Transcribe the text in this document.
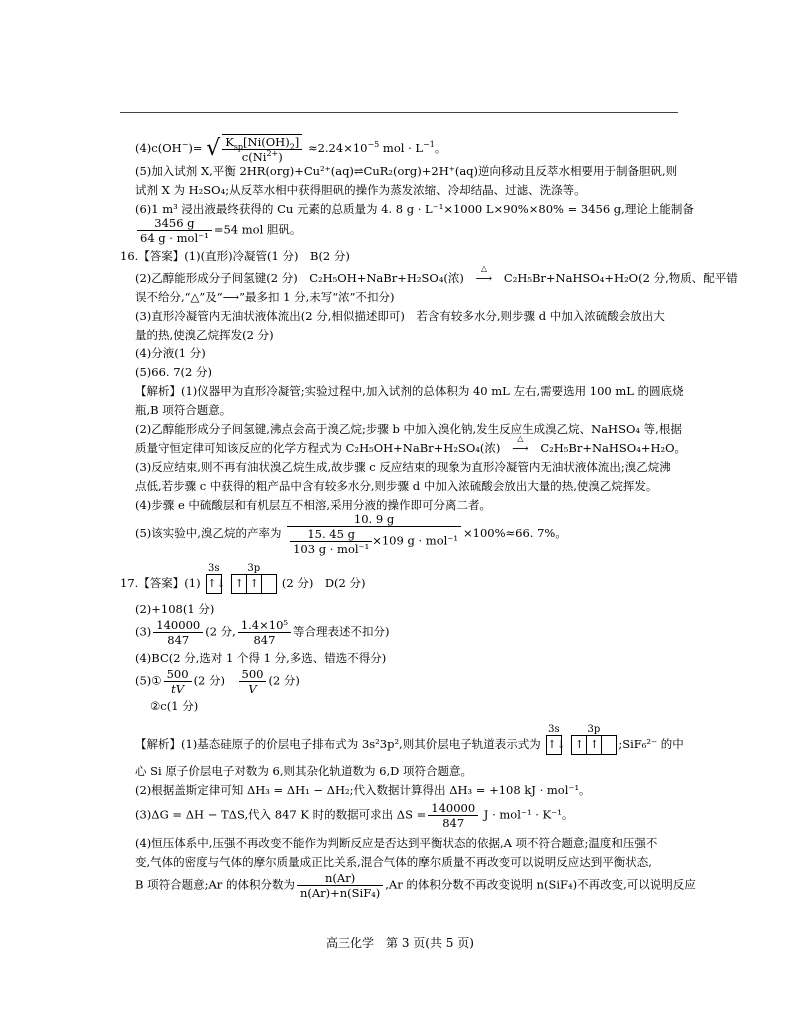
(4)c(OH−)= √ $\frac{K_{sp}[Ni(OH)_2]}{c(Ni^{2+})} \approx 2.24\times 10^{-5}$ mol · $L^{-1}$。
(5)加入试剂 X,平衡 2HR(org)+Cu²⁺(aq)⇌CuR₂(org)+2H⁺(aq)逆向移动且反萃水相要用于制备胆矾,则
试剂 X 为 H₂SO₄;从反萃水相中获得胆矾的操作为蒸发浓缩、冷却结晶、过滤、洗涤等。
(6)1 m³ 浸出液最终获得的 Cu 元素的总质量为 4. 8 g · L⁻¹×1000 L×90%×80% = 3456 g,理论上能制备
$\frac{3456 g}{\text{64 g · mol⁻¹}} =54$ mol 胆矾。
16.【答案】(1)(直形)冷凝管(1 分)　B(2 分)
(2)乙醇能形成分子间氢键(2 分)　C₂H₅OH+NaBr+H₂SO₄(浓)
△
⟶ C₂H₅Br+NaHSO₄+H₂O(2 分,物质、配平错
误不给分,“△”及“⟶”最多扣 1 分,未写“浓”不扣分)
(3)直形冷凝管内无油状液体流出(2 分,相似描述即可)　若含有较多水分,则步骤 d 中加入浓硫酸会放出大
量的热,使溴乙烷挥发(2 分)
(4)分液(1 分)
(5)66. 7(2 分)
【解析】(1)仪器甲为直形冷凝管;实验过程中,加入试剂的总体积为 40 mL 左右,需要选用 100 mL 的圆底烧
瓶,B 项符合题意。
(2)乙醇能形成分子间氢键,沸点会高于溴乙烷;步骤 b 中加入溴化钠,发生反应生成溴乙烷、NaHSO₄ 等,根据
质量守恒定律可知该反应的化学方程式为 C₂H₅OH+NaBr+H₂SO₄(浓)
△
⟶ C₂H₅Br+NaHSO₄+H₂O。
(3)反应结束,则不再有油状溴乙烷生成,故步骤 c 反应结束的现象为直形冷凝管内无油状液体流出;溴乙烷沸
点低,若步骤 c 中获得的粗产品中含有较多水分,则步骤 d 中加入浓硫酸会放出大量的热,使溴乙烷挥发。
(4)步骤 e 中硫酸层和有机层互不相溶,采用分液的操作即可分离二者。
(5)该实验中,溴乙烷的产率为 $\frac{10. 9 g}{\frac{15. 45 g}{\text{103 g · mol⁻¹}} \times 109 g \cdot mol^{-1}} \times 100\%\approx 66$. 7%。
17.【答案】(1)
3s
↑↓
3p
↑ ↑ (2 分)　D(2 分)
(2)+108(1 分)
$(3) \frac{140000}{847} (2$ 分, $\frac{\text{1.4×10⁵}}{847}$ 等合理表述不扣分)
(4)BC(2 分,选对 1 个得 1 分,多选、错选不得分)
(5)① $\frac{500}{tV} (2$ 分)　 $\frac{500}{V} (2$ 分)
②c(1 分)
【解析】(1)基态硅原子的价层电子排布式为 3s²3p²,则其价层电子轨道表示式为
3s
↑↓
3p
↑ ↑ ;SiF₆²⁻ 的中
心 Si 原子价层电子对数为 6,则其杂化轨道数为 6,D 项符合题意。
(2)根据盖斯定律可知 ΔH₃ = ΔH₁ − ΔH₂;代入数据计算得出 ΔH₃ = +108 kJ · mol⁻¹。
(3)ΔG = ΔH − TΔS,代入 847 K 时的数据可求出 $\Delta S = \frac{140000}{847}$ J · mol⁻¹ · K⁻¹。
(4)恒压体系中,压强不再改变不能作为判断反应是否达到平衡状态的依据,A 项不符合题意;温度和压强不
变,气体的密度与气体的摩尔质量成正比关系,混合气体的摩尔质量不再改变可以说明反应达到平衡状态,
B 项符合题意;Ar 的体积分数为 $\frac{n(Ar)}{\text{n(Ar)+n(SiF₄)}} ,Ar$ 的体积分数不再改变说明 n(SiF₄)不再改变,可以说明反应
高三化学　第 3 页(共 5 页)
